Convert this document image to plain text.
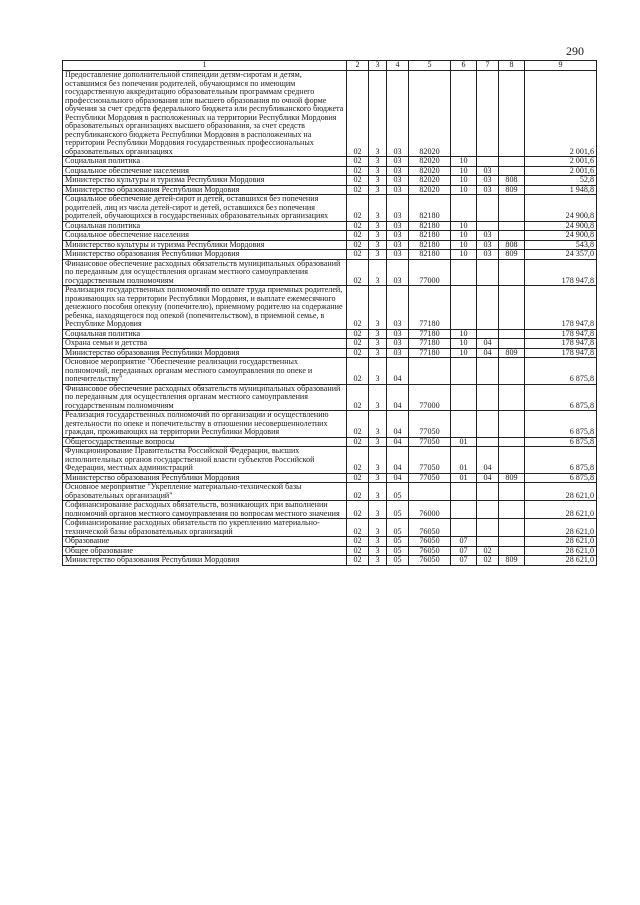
290
1	2	3	4	5	6	7	8	9
Предоставление дополнительной стипендии детям-сиротам и детям, оставшимся без попечения родителей, обучающимся по имеющим государственную аккредитацию образовательным программам среднего профессионального образования или высшего образования по очной форме обучения за счет средств федерального бюджета или республиканского бюджета Республики Мордовия в расположенных на территории Республики Мордовия образовательных организациях высшего образования, за счет средств республиканского бюджета Республики Мордовия в расположенных на территории Республики Мордовия государственных профессиональных образовательных организациях	02	3	03	82020				2 001,6
Социальная политика	02	3	03	82020	10			2 001,6
Социальное обеспечение населения	02	3	03	82020	10	03		2 001,6
Министерство культуры и туризма Республики Мордовия	02	3	03	82020	10	03	808	52,8
Министерство образования Республики Мордовия	02	3	03	82020	10	03	809	1 948,8
Социальное обеспечение детей-сирот и детей, оставшихся без попечения родителей, лиц из числа детей-сирот и детей, оставшихся без попечения родителей, обучающихся в государственных образовательных организациях	02	3	03	82180				24 900,8
Социальная политика	02	3	03	82180	10			24 900,8
Социальное обеспечение населения	02	3	03	82180	10	03		24 900,8
Министерство культуры и туризма Республики Мордовия	02	3	03	82180	10	03	808	543,8
Министерство образования Республики Мордовия	02	3	03	82180	10	03	809	24 357,0
Финансовое обеспечение расходных обязательств муниципальных образований по переданным для осуществления органам местного самоуправления государственным полномочиям	02	3	03	77000				178 947,8
Реализация государственных полномочий по оплате труда приемных родителей, проживающих на территории Республики Мордовия, и выплате ежемесячного денежного пособия опекуну (попечителю), приемному родителю на содержание ребенка, находящегося под опекой (попечительством), в приемной семье, в Республике Мордовия	02	3	03	77180				178 947,8
Социальная политика	02	3	03	77180	10			178 947,8
Охрана семьи и детства	02	3	03	77180	10	04		178 947,8
Министерство образования Республики Мордовия	02	3	03	77180	10	04	809	178 947,8
Основное мероприятие "Обеспечение реализации государственных полномочий, переданных органам местного самоуправления по опеке и попечительству"	02	3	04					6 875,8
Финансовое обеспечение расходных обязательств муниципальных образований по переданным для осуществления органам местного самоуправления государственным полномочиям	02	3	04	77000				6 875,8
Реализация государственных полномочий по организации и осуществлению деятельности по опеке и попечительству в отношении несовершеннолетних граждан, проживающих на территории Республики Мордовия	02	3	04	77050				6 875,8
Общегосударственные вопросы	02	3	04	77050	01			6 875,8
Функционирование Правительства Российской Федерации, высших исполнительных органов государственной власти субъектов Российской Федерации, местных администраций	02	3	04	77050	01	04		6 875,8
Министерство образования Республики Мордовия	02	3	04	77050	01	04	809	6 875,8
Основное мероприятие "Укрепление материально-технической базы образовательных организаций"	02	3	05					28 621,0
Софинансирование расходных обязательств, возникающих при выполнении полномочий органов местного самоуправления по вопросам местного значения	02	3	05	76000				28 621,0
Софинансирование расходных обязательств по укреплению материально-технической базы образовательных организаций	02	3	05	76050				28 621,0
Образование	02	3	05	76050	07			28 621,0
Общее образование	02	3	05	76050	07	02		28 621,0
Министерство образования Республики Мордовия	02	3	05	76050	07	02	809	28 621,0
